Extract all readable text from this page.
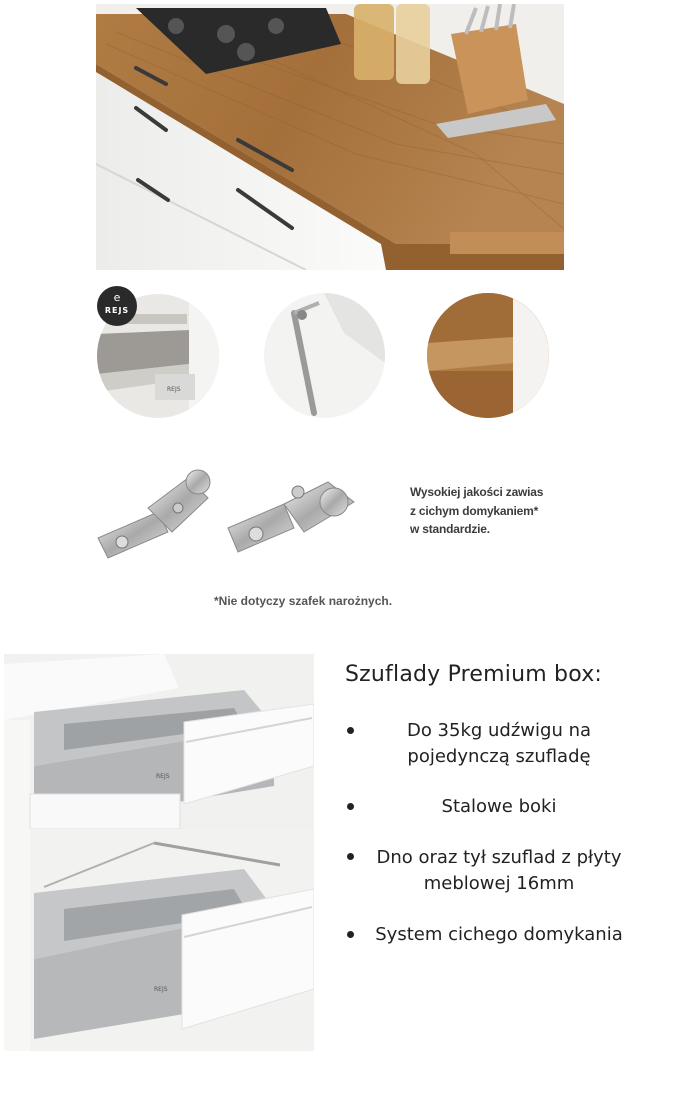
REJS
e
REJS
Wysokiej jakości zawias
z cichym domykaniem*
w standardzie.
*Nie dotyczy szafek narożnych.
REJS
REJS
Szuflady Premium box:
Do 35kg udźwigu na pojedynczą szufladę
Stalowe boki
Dno oraz tył szuflad z płyty meblowej 16mm
System cichego domykania
